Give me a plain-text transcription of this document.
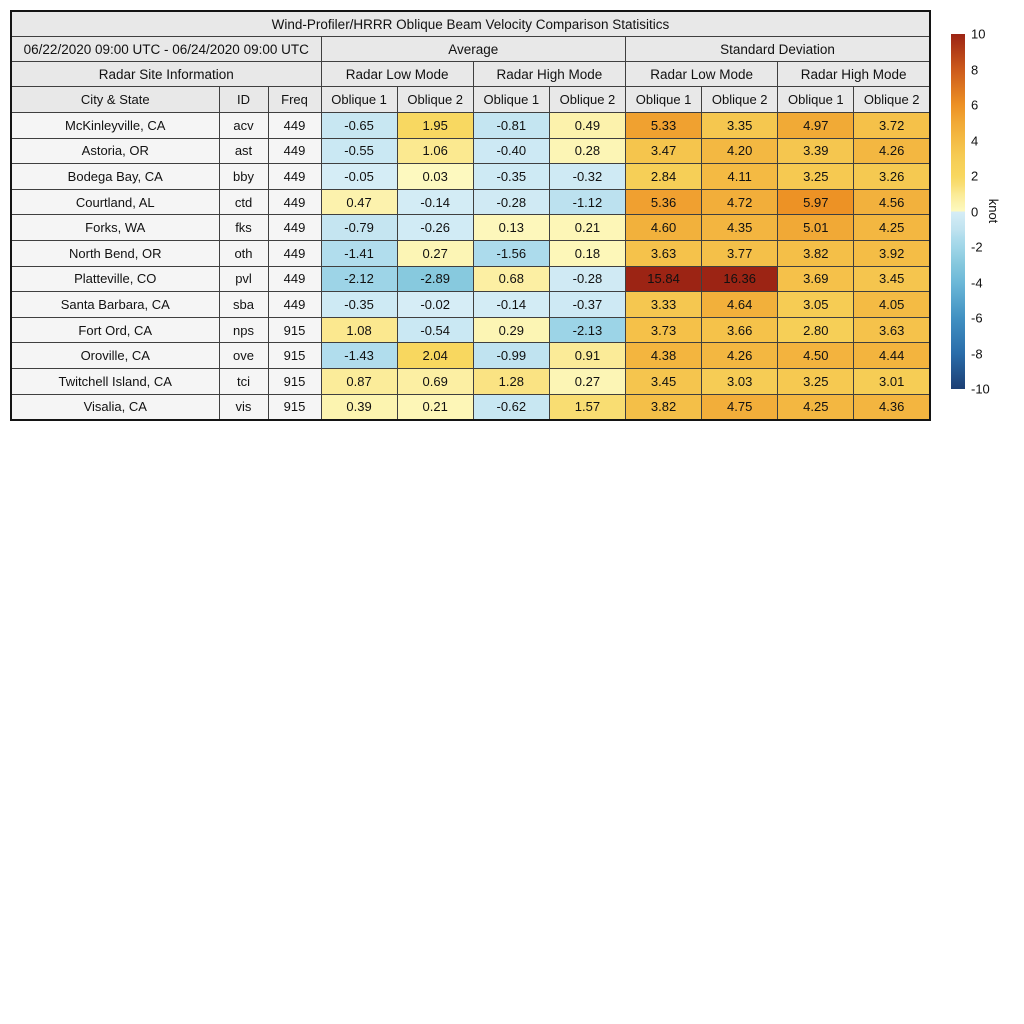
Wind-Profiler/HRRR Oblique Beam Velocity Comparison Statisitics										
06/22/2020 09:00 UTC - 06/24/2020 09:00 UTC			Average				Standard Deviation			
Radar Site Information			Radar Low Mode		Radar High Mode		Radar Low Mode		Radar High Mode	
City & State	ID	Freq	Oblique 1	Oblique 2	Oblique 1	Oblique 2	Oblique 1	Oblique 2	Oblique 1	Oblique 2
McKinleyville, CA	acv	449	-0.65	1.95	-0.81	0.49	5.33	3.35	4.97	3.72
Astoria, OR	ast	449	-0.55	1.06	-0.40	0.28	3.47	4.20	3.39	4.26
Bodega Bay, CA	bby	449	-0.05	0.03	-0.35	-0.32	2.84	4.11	3.25	3.26
Courtland, AL	ctd	449	0.47	-0.14	-0.28	-1.12	5.36	4.72	5.97	4.56
Forks, WA	fks	449	-0.79	-0.26	0.13	0.21	4.60	4.35	5.01	4.25
North Bend, OR	oth	449	-1.41	0.27	-1.56	0.18	3.63	3.77	3.82	3.92
Platteville, CO	pvl	449	-2.12	-2.89	0.68	-0.28	15.84	16.36	3.69	3.45
Santa Barbara, CA	sba	449	-0.35	-0.02	-0.14	-0.37	3.33	4.64	3.05	4.05
Fort Ord, CA	nps	915	1.08	-0.54	0.29	-2.13	3.73	3.66	2.80	3.63
Oroville, CA	ove	915	-1.43	2.04	-0.99	0.91	4.38	4.26	4.50	4.44
Twitchell Island, CA	tci	915	0.87	0.69	1.28	0.27	3.45	3.03	3.25	3.01
Visalia, CA	vis	915	0.39	0.21	-0.62	1.57	3.82	4.75	4.25	4.36
10
8
6
4
2
0
-2
-4
-6
-8
-10
knot
